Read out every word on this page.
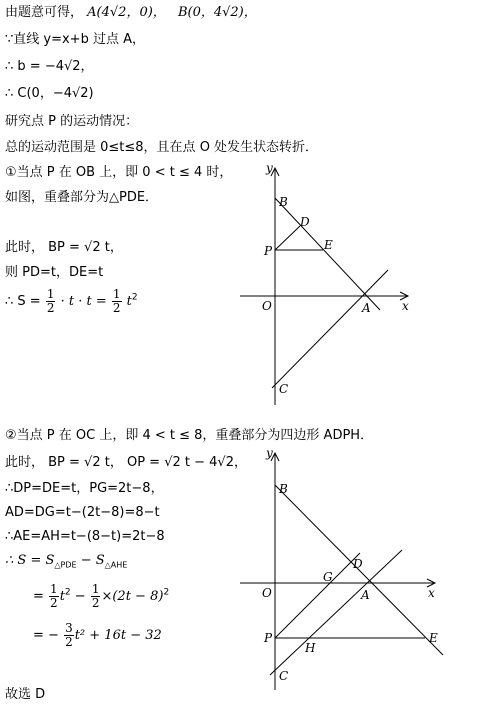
由题意可得， A(4√2，0)， B(0，4√2)，
∵直线 y=x+b 过点 A，
∴ b = −4√2，
∴ C(0，−4√2)
研究点 P 的运动情况：
总的运动范围是 0≤t≤8，且在点 O 处发生状态转折．
①当点 P 在 OB 上，即 0 < t ≤ 4 时，
如图，重叠部分为△PDE．
此时， BP = √2 t，
则 PD=t，DE=t
∴ $S = \frac{1}{2} \cdot t \cdot t = \frac{1}{2} t^2$
y
B
D
P	E
O	A	x
C
②当点 P 在 OC 上，即 4 < t ≤ 8，重叠部分为四边形 ADPH．
此时， BP = √2 t， OP = √2 t − 4√2，
∴DP=DE=t，PG=2t−8，
AD=DG=t−(2t−8)=8−t
∴AE=AH=t−(8−t)=2t−8
∴ $S = S_{\triangle PDE} - S_{\triangle AHE}$
= $\frac{1}{2} t^2 - \frac{1}{2} \times(2t - 8)^2$
= − $\frac{3}{2} t^2 + 16t - 32$
y
B
D
G
O	A	x
P	E
H
C
故选 D
